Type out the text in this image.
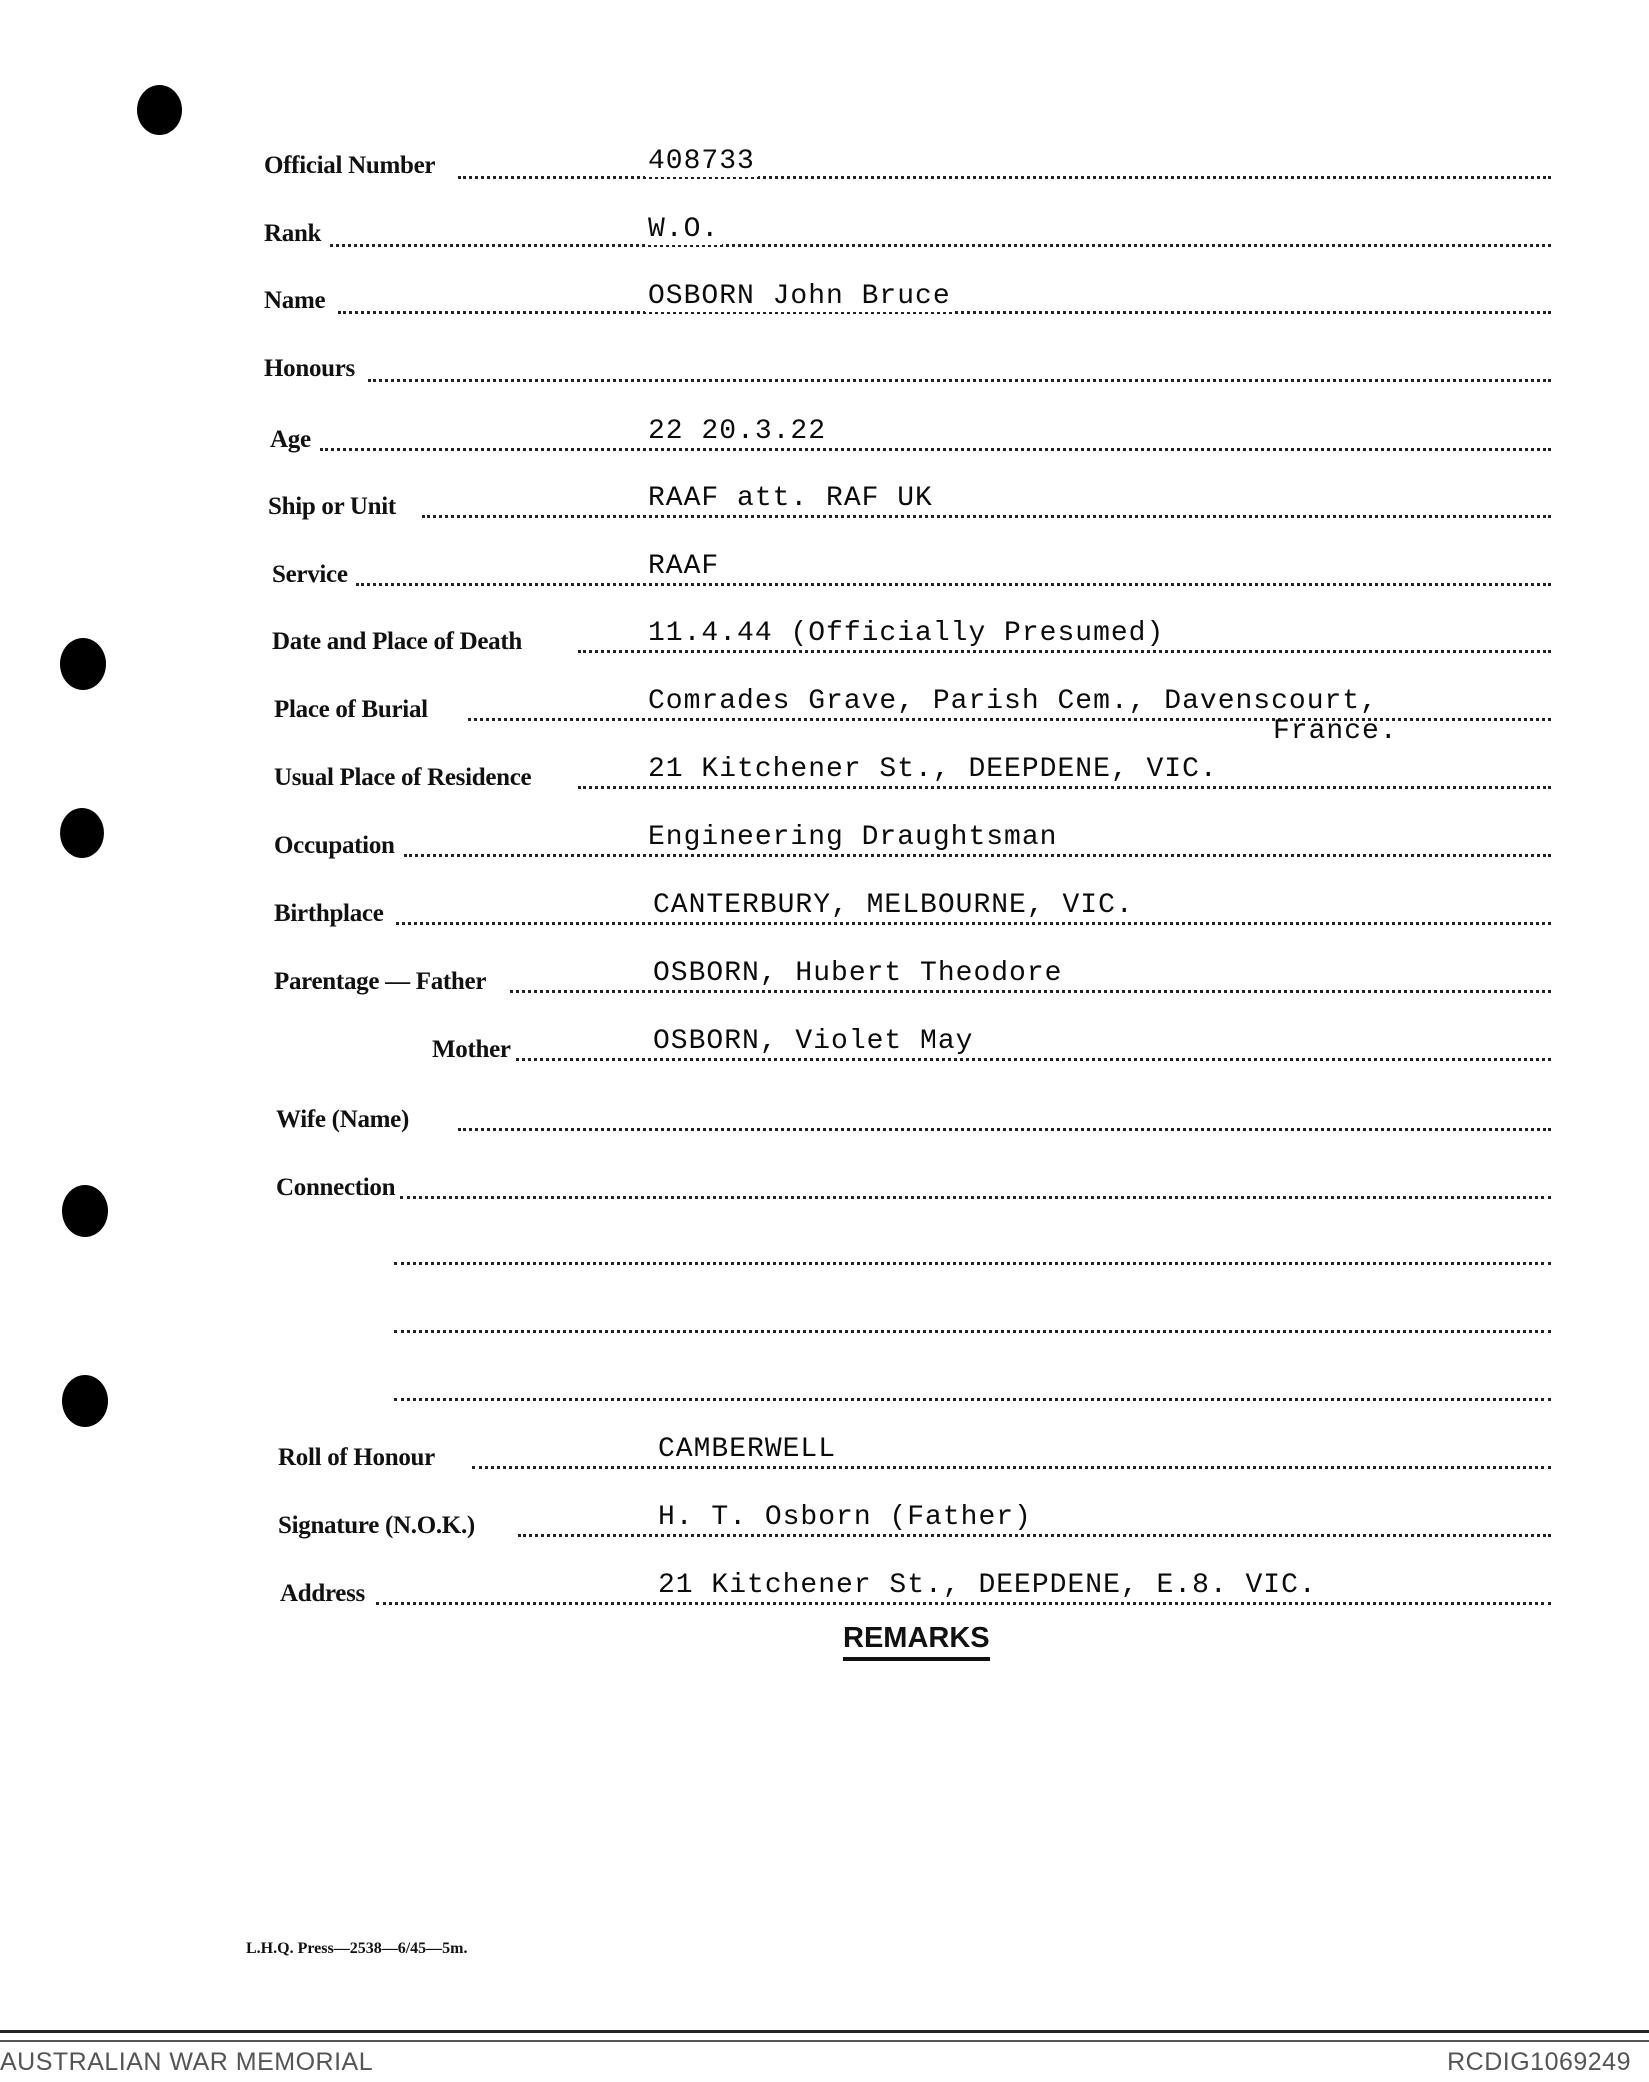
Official Number	408733
Rank	W.O.
Name	OSBORN John Bruce
Honours
Age	22 20.3.22
Ship or Unit	RAAF att. RAF UK
Service	RAAF
Date and Place of Death	11.4.44 (Officially Presumed)
Place of Burial	Comrades Grave, Parish Cem., Davenscourt,
France.
Usual Place of Residence	21 Kitchener St., DEEPDENE, VIC.
Occupation	Engineering Draughtsman
Birthplace	CANTERBURY, MELBOURNE, VIC.
Parentage — Father	OSBORN, Hubert Theodore
Mother	OSBORN, Violet May
Wife (Name)
Connection
Roll of Honour	CAMBERWELL
Signature (N.O.K.)	H. T. Osborn (Father)
Address	21 Kitchener St., DEEPDENE, E.8. VIC.
REMARKS
L.H.Q. Press—2538—6/45—5m.
AUSTRALIAN WAR MEMORIAL	RCDIG1069249
